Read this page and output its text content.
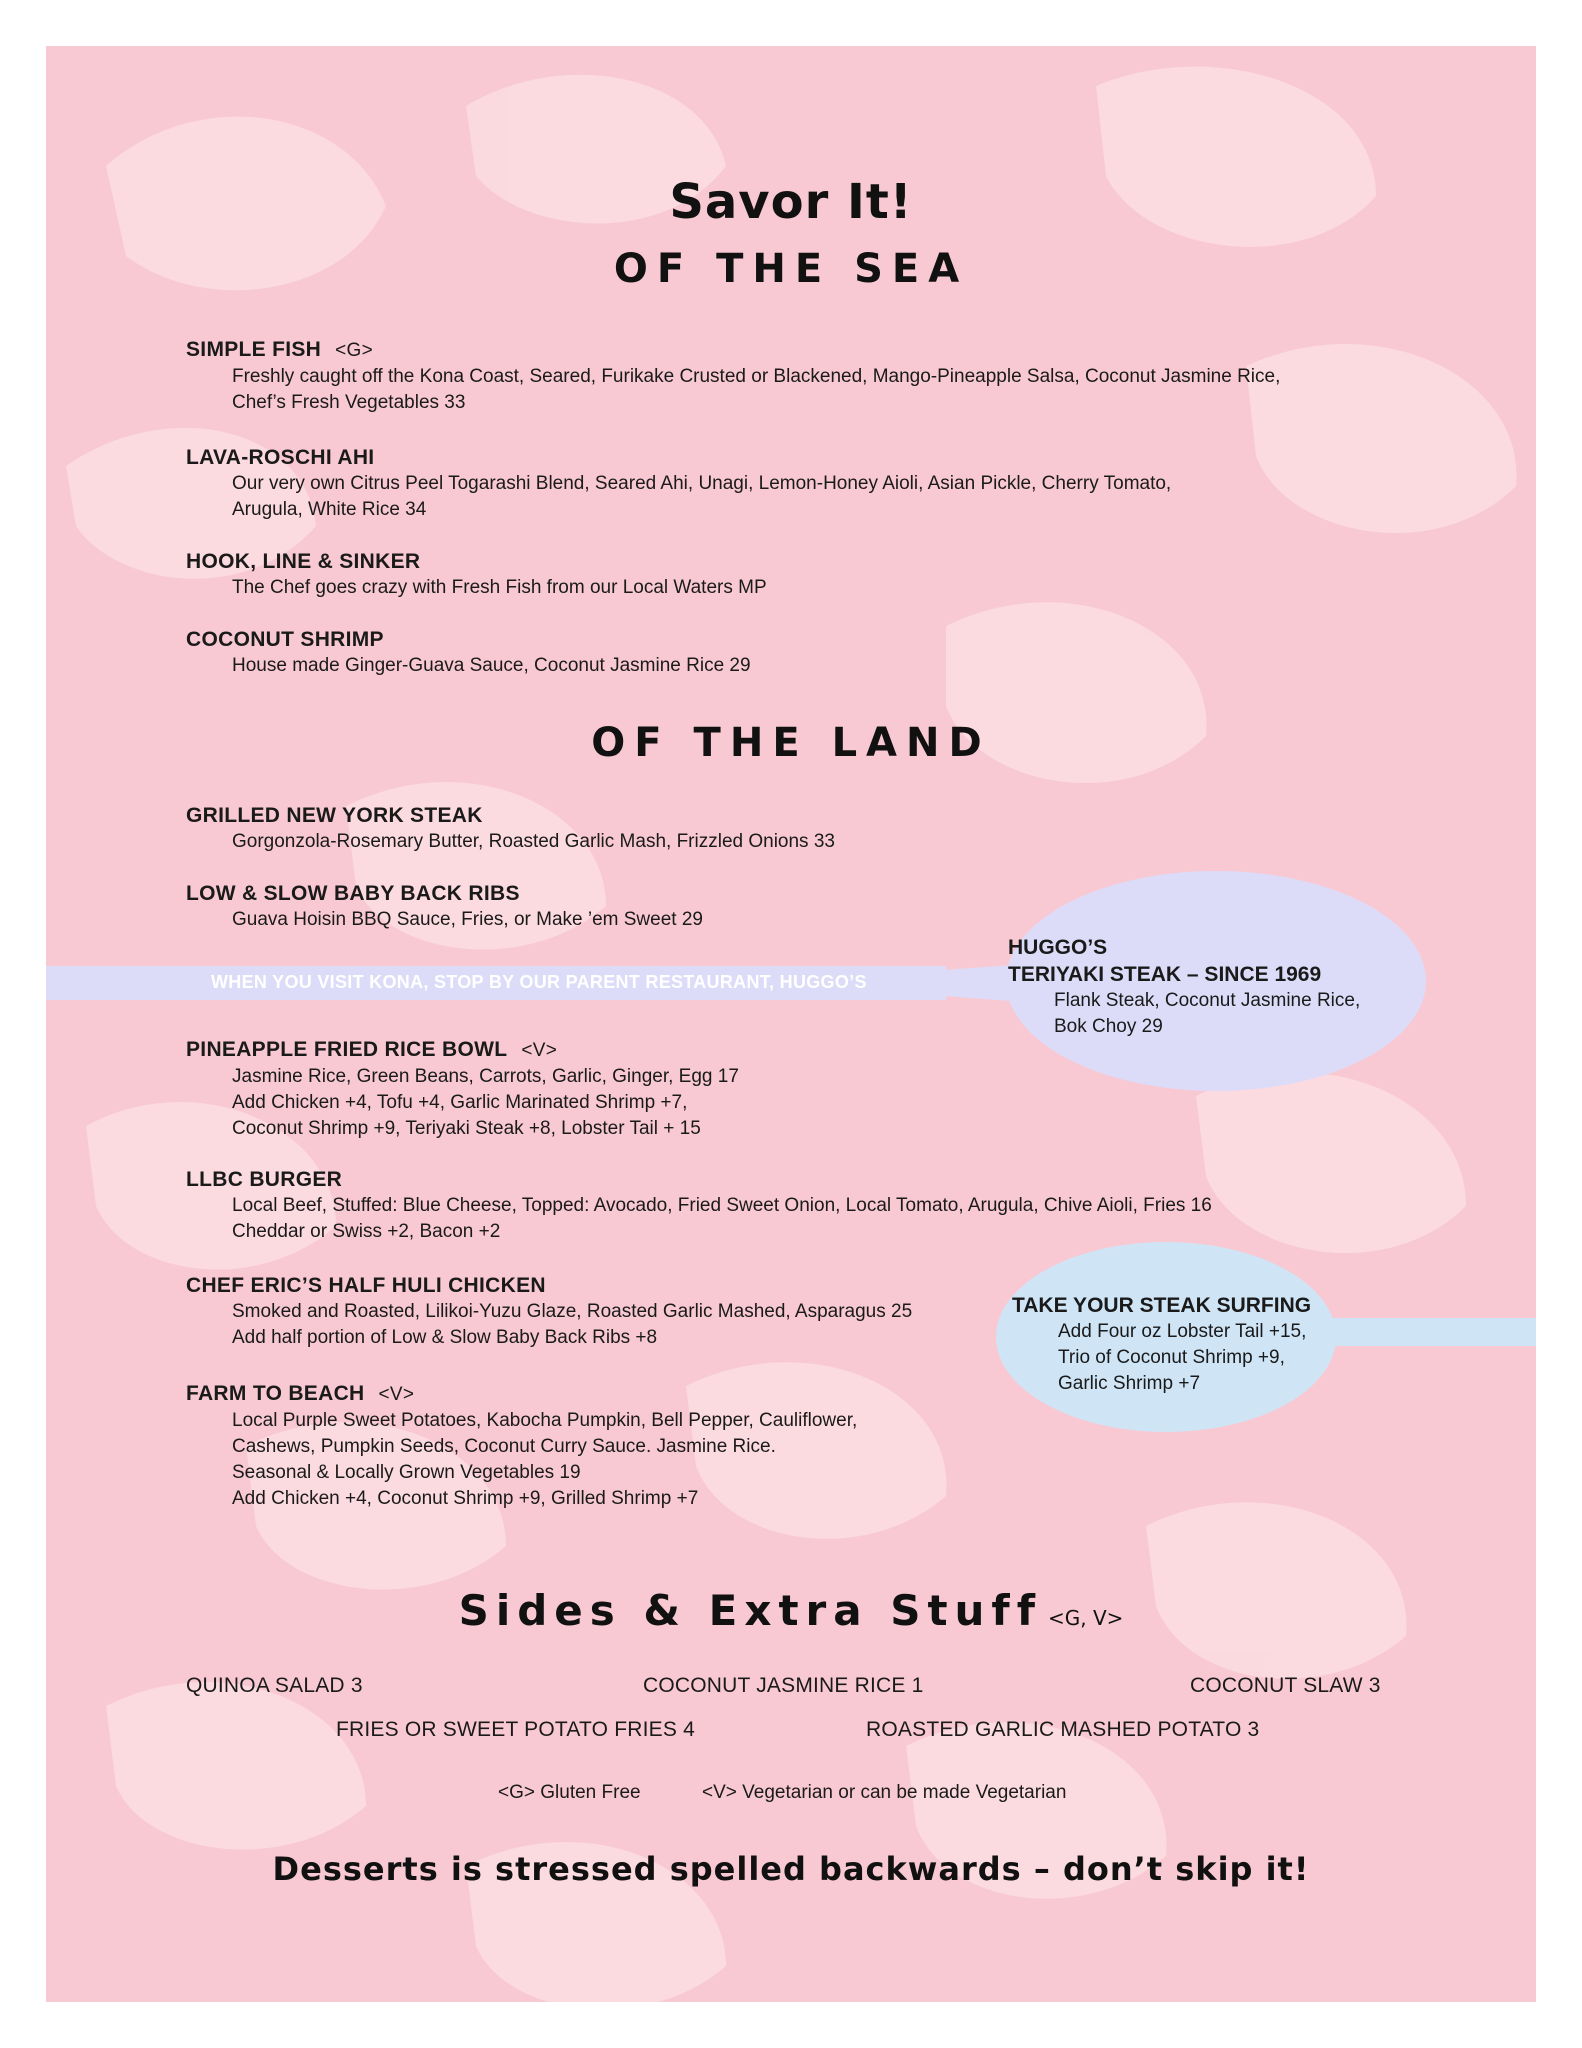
Savor It!
OF THE SEA
SIMPLE FISH <G>
Freshly caught off the Kona Coast, Seared, Furikake Crusted or Blackened, Mango-Pineapple Salsa, Coconut Jasmine Rice,
Chef’s Fresh Vegetables 33
LAVA-ROSCHI AHI
Our very own Citrus Peel Togarashi Blend, Seared Ahi, Unagi, Lemon-Honey Aioli, Asian Pickle, Cherry Tomato,
Arugula, White Rice 34
HOOK, LINE & SINKER
The Chef goes crazy with Fresh Fish from our Local Waters MP
COCONUT SHRIMP
House made Ginger-Guava Sauce, Coconut Jasmine Rice 29
OF THE LAND
GRILLED NEW YORK STEAK
Gorgonzola-Rosemary Butter, Roasted Garlic Mash, Frizzled Onions 33
LOW & SLOW BABY BACK RIBS
Guava Hoisin BBQ Sauce, Fries, or Make ’em Sweet 29
WHEN YOU VISIT KONA, STOP BY OUR PARENT RESTAURANT, HUGGO’S
HUGGO’S
TERIYAKI STEAK – SINCE 1969
Flank Steak, Coconut Jasmine Rice,
Bok Choy 29
PINEAPPLE FRIED RICE BOWL <V>
Jasmine Rice, Green Beans, Carrots, Garlic, Ginger, Egg 17
Add Chicken +4, Tofu +4, Garlic Marinated Shrimp +7,
Coconut Shrimp +9, Teriyaki Steak +8, Lobster Tail + 15
LLBC BURGER
Local Beef, Stuffed: Blue Cheese, Topped: Avocado, Fried Sweet Onion, Local Tomato, Arugula, Chive Aioli, Fries 16
Cheddar or Swiss +2, Bacon +2
TAKE YOUR STEAK SURFING
Add Four oz Lobster Tail +15,
Trio of Coconut Shrimp +9,
Garlic Shrimp +7
CHEF ERIC’S HALF HULI CHICKEN
Smoked and Roasted, Lilikoi-Yuzu Glaze, Roasted Garlic Mashed, Asparagus 25
Add half portion of Low & Slow Baby Back Ribs +8
FARM TO BEACH <V>
Local Purple Sweet Potatoes, Kabocha Pumpkin, Bell Pepper, Cauliflower,
Cashews, Pumpkin Seeds, Coconut Curry Sauce. Jasmine Rice.
Seasonal & Locally Grown Vegetables 19
Add Chicken +4, Coconut Shrimp +9, Grilled Shrimp +7
Sides & Extra Stuff <G, V>
QUINOA SALAD 3	COCONUT JASMINE RICE 1	COCONUT SLAW 3
FRIES OR SWEET POTATO FRIES 4	ROASTED GARLIC MASHED POTATO 3
<G> Gluten Free	<V> Vegetarian or can be made Vegetarian
Desserts is stressed spelled backwards – don’t skip it!
